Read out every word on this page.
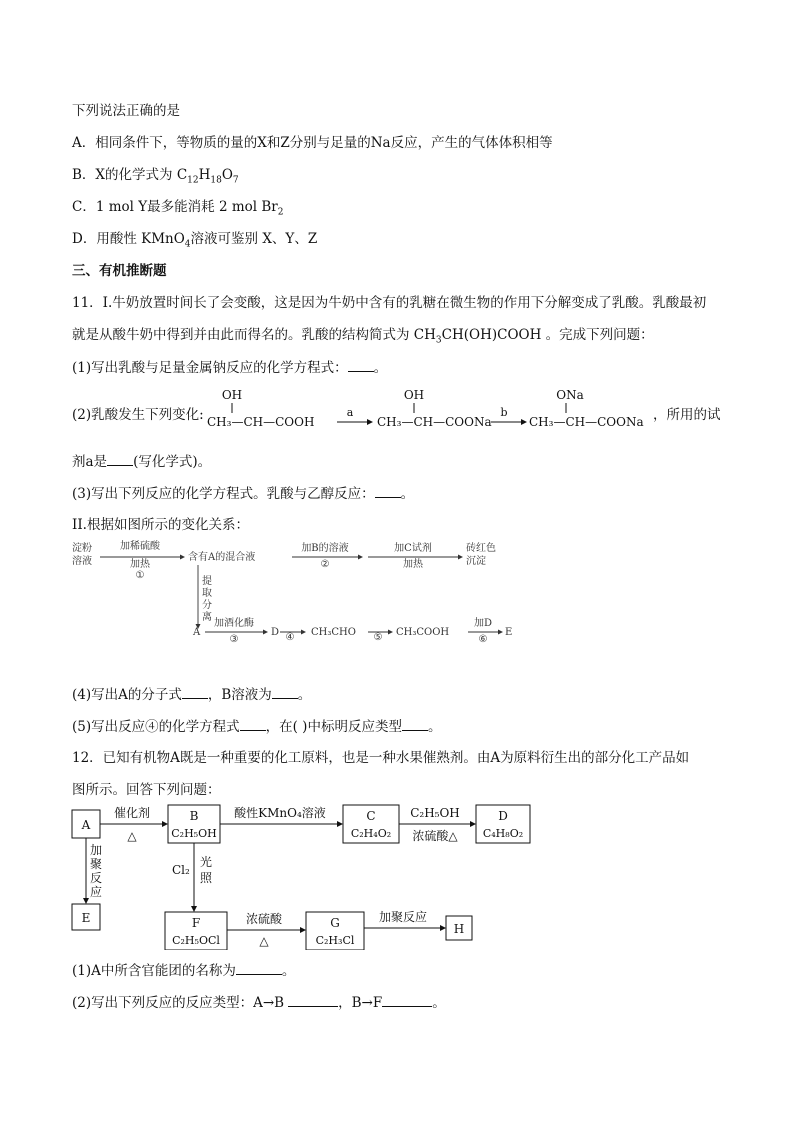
下列说法正确的是
A．相同条件下，等物质的量的X和Z分别与足量的Na反应，产生的气体体积相等
B．X的化学式为 $C_{12}H_{18}O_7$
C．1 mol Y最多能消耗 2 mol $Br_2$
D．用酸性 KMnO$_4$溶液可鉴别 X、Y、Z
三、有机推断题
11．I.牛奶放置时间长了会变酸，这是因为牛奶中含有的乳糖在微生物的作用下分解变成了乳酸。乳酸最初
就是从酸牛奶中得到并由此而得名的。乳酸的结构简式为 $CH_3CH(OH)COOH$ 。完成下列问题：
(1)写出乳酸与足量金属钠反应的化学方程式： 。
(2)乳酸发生下列变化:
OH
CH₃—CH—COOH
a
OH
CH₃—CH—COONa
b
ONa
CH₃—CH—COONa ，所用的试
剂a是 (写化学式)。
(3)写出下列反应的化学方程式。乳酸与乙醇反应： 。
II.根据如图所示的变化关系：
淀粉
溶液
加稀硫酸
加热
①
含有A的混合液
加B的溶液
②
加C试剂
加热
砖红色
沉淀
提
取
分
离
A
加酒化酶
③
D ④ CH₃CHO ⑤ CH₃COOH
加D
⑥
E
(4)写出A的分子式 ，B溶液为 。
(5)写出反应④的化学方程式 ，在( )中标明反应类型 。
12．已知有机物A既是一种重要的化工原料，也是一种水果催熟剂。由A为原料衍生出的部分化工产品如
图所示。回答下列问题：
A
B
C₂H₅OH
C
C₂H₄O₂
D
C₄H₈O₂
E	F
C₂H₅OCl
G
C₂H₃Cl
H
催化剂
△
酸性KMnO₄溶液	C₂H₅OH
浓硫酸△
加
聚
反
应
Cl₂
光
照
浓硫酸
△
加聚反应
(1)A中所含官能团的名称为	。
(2)写出下列反应的反应类型：A→B	，B→F	。
